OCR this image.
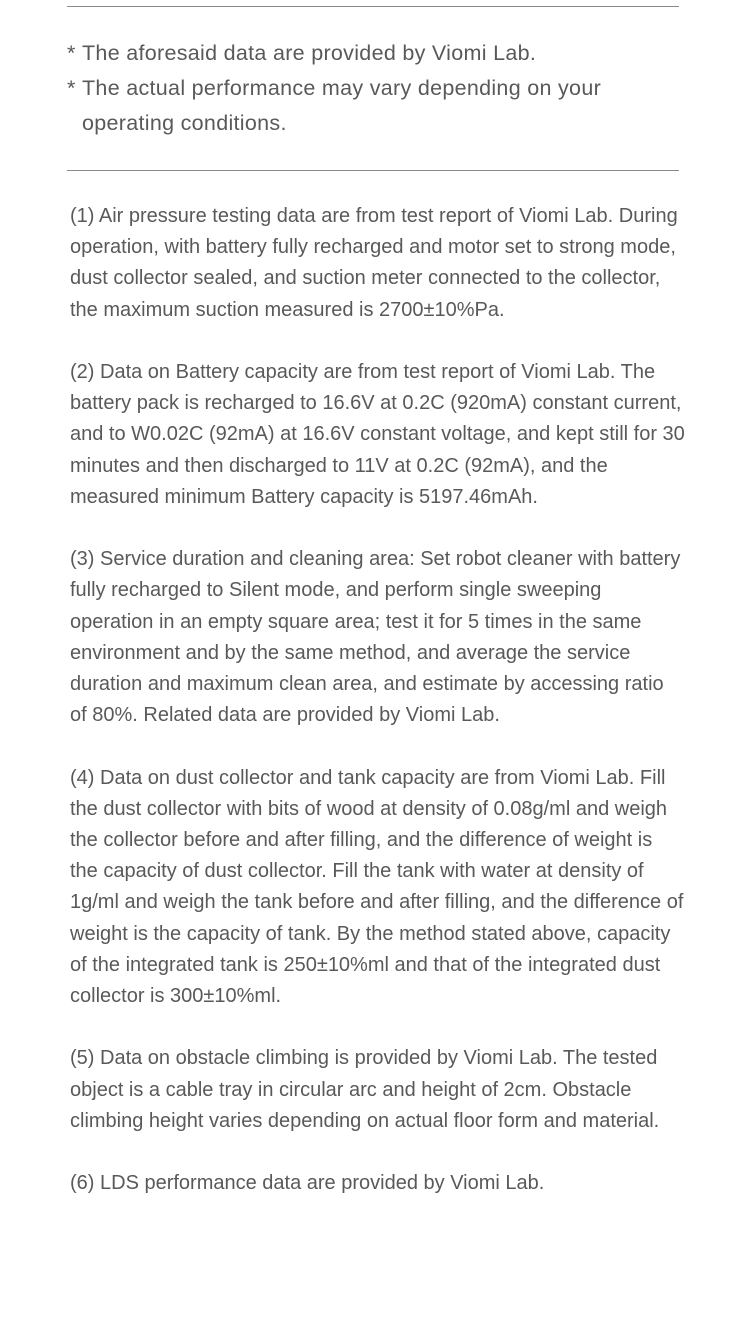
* The aforesaid data are provided by Viomi Lab.
* The actual performance may vary depending on your operating conditions.

(1) Air pressure testing data are from test report of Viomi Lab. During operation, with battery fully recharged and motor set to strong mode, dust collector sealed, and suction meter connected to the collector, the maximum suction measured is 2700±10%Pa.

(2) Data on Battery capacity are from test report of Viomi Lab. The battery pack is recharged to 16.6V at 0.2C (920mA) constant current, and to W0.02C (92mA) at 16.6V constant voltage, and kept still for 30 minutes and then discharged to 11V at 0.2C (92mA), and the measured minimum Battery capacity is 5197.46mAh.

(3) Service duration and cleaning area: Set robot cleaner with battery fully recharged to Silent mode, and perform single sweeping operation in an empty square area; test it for 5 times in the same environment and by the same method, and average the service duration and maximum clean area, and estimate by accessing ratio of 80%. Related data are provided by Viomi Lab.

(4) Data on dust collector and tank capacity are from Viomi Lab. Fill the dust collector with bits of wood at density of 0.08g/ml and weigh the collector before and after filling, and the difference of weight is the capacity of dust collector. Fill the tank with water at density of 1g/ml and weigh the tank before and after filling, and the difference of weight is the capacity of tank. By the method stated above, capacity of the integrated tank is 250±10%ml and that of the integrated dust collector is 300±10%ml.

(5) Data on obstacle climbing is provided by Viomi Lab. The tested object is a cable tray in circular arc and height of 2cm. Obstacle climbing height varies depending on actual floor form and material.

(6) LDS performance data are provided by Viomi Lab.
